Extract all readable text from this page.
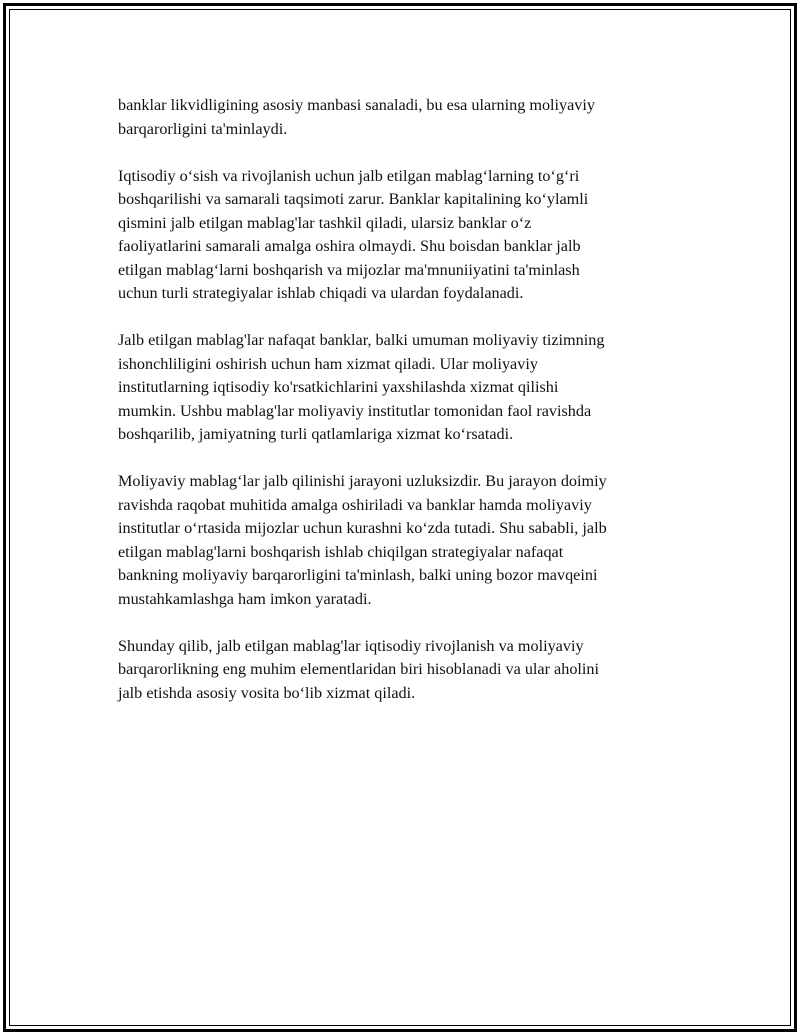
banklar likvidligining asosiy manbasi sanaladi, bu esa ularning moliyaviy
barqarorligini ta'minlaydi.

Iqtisodiy o‘sish va rivojlanish uchun jalb etilgan mablag‘larning to‘g‘ri
boshqarilishi va samarali taqsimoti zarur. Banklar kapitalining ko‘ylamli
qismini jalb etilgan mablag'lar tashkil qiladi, ularsiz banklar o‘z
faoliyatlarini samarali amalga oshira olmaydi. Shu boisdan banklar jalb
etilgan mablag‘larni boshqarish va mijozlar ma'mnuniiyatini ta'minlash
uchun turli strategiyalar ishlab chiqadi va ulardan foydalanadi.

Jalb etilgan mablag'lar nafaqat banklar, balki umuman moliyaviy tizimning
ishonchliligini oshirish uchun ham xizmat qiladi. Ular moliyaviy
institutlarning iqtisodiy ko'rsatkichlarini yaxshilashda xizmat qilishi
mumkin. Ushbu mablag'lar moliyaviy institutlar tomonidan faol ravishda
boshqarilib, jamiyatning turli qatlamlariga xizmat ko‘rsatadi.

Moliyaviy mablag‘lar jalb qilinishi jarayoni uzluksizdir. Bu jarayon doimiy
ravishda raqobat muhitida amalga oshiriladi va banklar hamda moliyaviy
institutlar o‘rtasida mijozlar uchun kurashni ko‘zda tutadi. Shu sababli, jalb
etilgan mablag'larni boshqarish ishlab chiqilgan strategiyalar nafaqat
bankning moliyaviy barqarorligini ta'minlash, balki uning bozor mavqeini
mustahkamlashga ham imkon yaratadi.

Shunday qilib, jalb etilgan mablag'lar iqtisodiy rivojlanish va moliyaviy
barqarorlikning eng muhim elementlaridan biri hisoblanadi va ular aholini
jalb etishda asosiy vosita bo‘lib xizmat qiladi.
